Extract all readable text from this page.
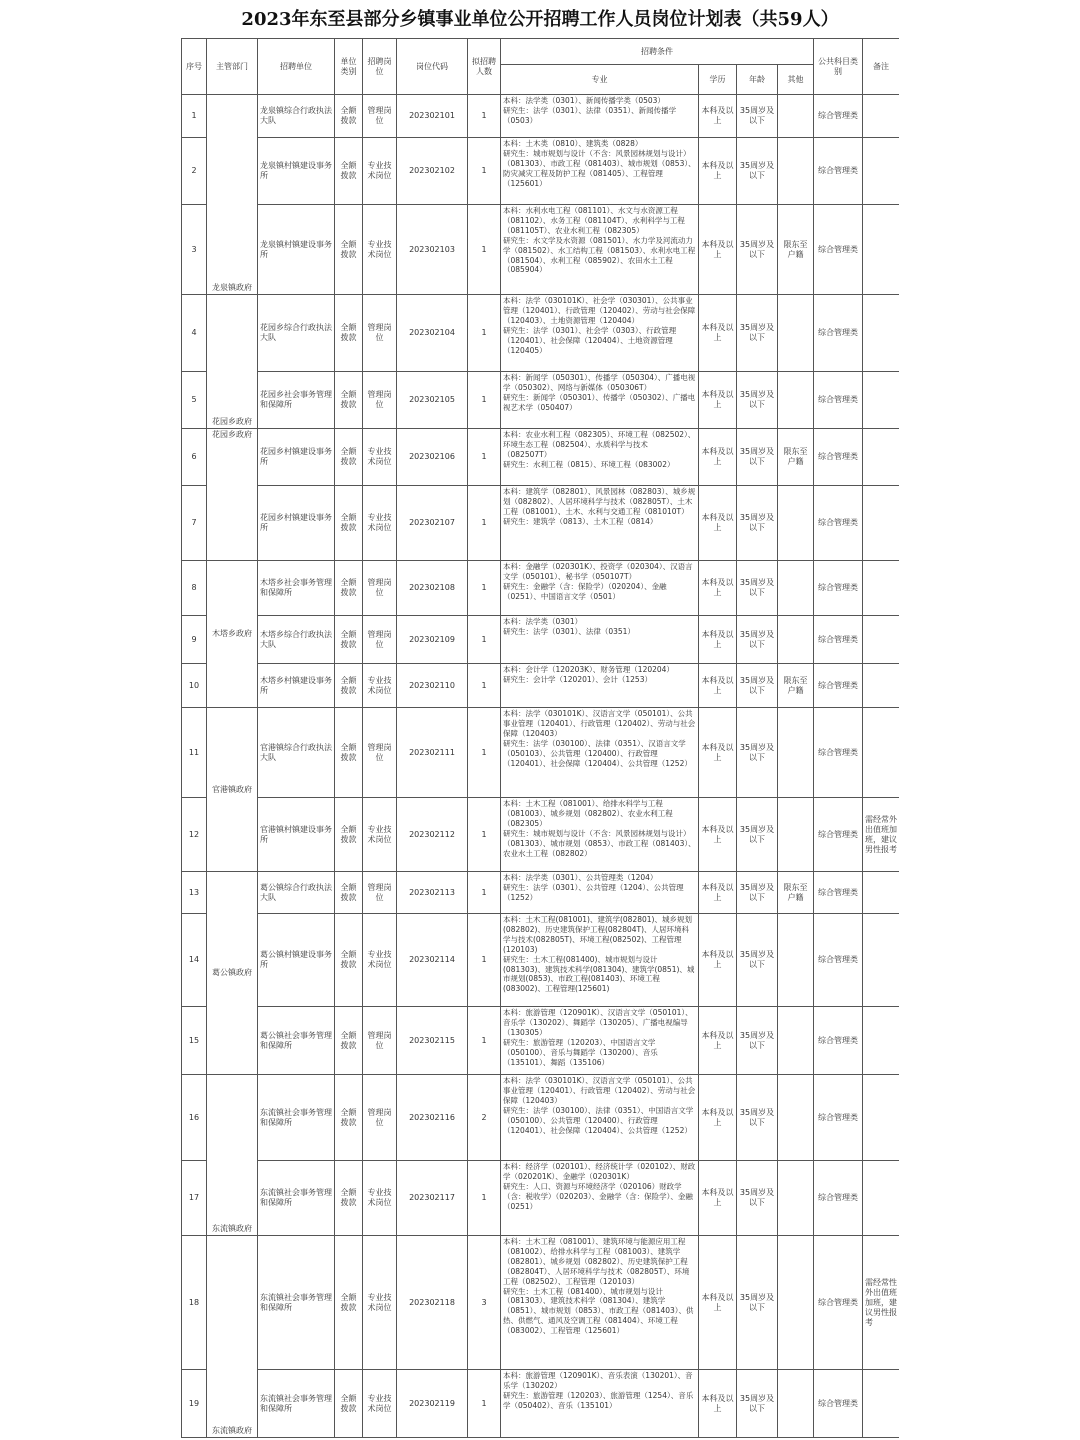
2023年东至县部分乡镇事业单位公开招聘工作人员岗位计划表（共59人）
序号	主管部门	招聘单位	单位类别	招聘岗位	岗位代码	拟招聘人数	招聘条件				公共科目类别	备注
							专业	学历	年龄	其他		
1	龙泉镇政府	龙泉镇综合行政执法大队	全额拨款	管理岗位	202302101	1	本科：法学类（0301）、新闻传播学类（0503）
研究生：法学（0301）、法律（0351）、新闻传播学（0503）	本科及以上	35周岁及以下		综合管理类	
2		龙泉镇村镇建设事务所	全额拨款	专业技术岗位	202302102	1	本科：土木类（0810）、建筑类（0828）
研究生：城市规划与设计（不含：风景园林规划与设计）（081303）、市政工程（081403）、城市规划（0853）、防灾减灾工程及防护工程（081405）、工程管理（125601）	本科及以上	35周岁及以下		综合管理类	
3		龙泉镇村镇建设事务所	全额拨款	专业技术岗位	202302103	1	本科：水利水电工程（081101）、水文与水资源工程（081102）、水务工程（081104T）、水利科学与工程（081105T）、农业水利工程（082305）
研究生：水文学及水资源（081501）、水力学及河流动力学（081502）、水工结构工程（081503）、水利水电工程（081504）、水利工程（085902）、农田水土工程（085904）	本科及以上	35周岁及以下	限东至户籍	综合管理类	
4	花园乡政府	花园乡综合行政执法大队	全额拨款	管理岗位	202302104	1	本科：法学（030101K）、社会学（030301）、公共事业管理（120401）、行政管理（120402）、劳动与社会保障（120403）、土地资源管理（120404）
研究生：法学（0301）、社会学（0303）、行政管理（120401）、社会保障（120404）、土地资源管理（120405）	本科及以上	35周岁及以下		综合管理类	
5		花园乡社会事务管理和保障所	全额拨款	管理岗位	202302105	1	本科：新闻学（050301）、传播学（050304）、广播电视学（050302）、网络与新媒体（050306T）
研究生：新闻学（050301）、传播学（050302）、广播电视艺术学（050407）	本科及以上	35周岁及以下		综合管理类	
6	花园乡政府	花园乡村镇建设事务所	全额拨款	专业技术岗位	202302106	1	本科：农业水利工程（082305）、环境工程（082502）、环境生态工程（082504）、水质科学与技术（082507T）
研究生：水利工程（0815）、环境工程（083002）	本科及以上	35周岁及以下	限东至户籍	综合管理类	
7		花园乡村镇建设事务所	全额拨款	专业技术岗位	202302107	1	本科：建筑学（082801）、风景园林（082803）、城乡规划（082802）、人居环境科学与技术（082805T）、土木工程（081001）、土木、水利与交通工程（081010T）
研究生：建筑学（0813）、土木工程（0814）	本科及以上	35周岁及以下		综合管理类	
8	木塔乡政府	木塔乡社会事务管理和保障所	全额拨款	管理岗位	202302108	1	本科：金融学（020301K）、投资学（020304）、汉语言文学（050101）、秘书学（050107T）
研究生：金融学（含：保险学）（020204）、金融（0251）、中国语言文学（0501）	本科及以上	35周岁及以下		综合管理类	
9		木塔乡综合行政执法大队	全额拨款	管理岗位	202302109	1	本科：法学类（0301）
研究生：法学（0301）、法律（0351）	本科及以上	35周岁及以下		综合管理类	
10		木塔乡村镇建设事务所	全额拨款	专业技术岗位	202302110	1	本科：会计学（120203K）、财务管理（120204）
研究生：会计学（120201）、会计（1253）	本科及以上	35周岁及以下	限东至户籍	综合管理类	
11	官港镇政府	官港镇综合行政执法大队	全额拨款	管理岗位	202302111	1	本科：法学（030101K）、汉语言文学（050101）、公共事业管理（120401）、行政管理（120402）、劳动与社会保障（120403）
研究生：法学（030100）、法律（0351）、汉语言文学（050103）、公共管理（120400）、行政管理（120401）、社会保障（120404）、公共管理（1252）	本科及以上	35周岁及以下		综合管理类	
12		官港镇村镇建设事务所	全额拨款	专业技术岗位	202302112	1	本科：土木工程（081001）、给排水科学与工程（081003）、城乡规划（082802）、农业水利工程（082305）
研究生：城市规划与设计（不含：风景园林规划与设计）（081303）、城市规划（0853）、市政工程（081403）、农业水土工程（082802）	本科及以上	35周岁及以下		综合管理类	需经常外出值班加班，建议男性报考
13	葛公镇政府	葛公镇综合行政执法大队	全额拨款	管理岗位	202302113	1	本科：法学类（0301）、公共管理类（1204）
研究生：法学（0301）、公共管理（1204）、公共管理（1252）	本科及以上	35周岁及以下	限东至户籍	综合管理类	
14		葛公镇村镇建设事务所	全额拨款	专业技术岗位	202302114	1	本科：土木工程(081001)、建筑学(082801)、城乡规划(082802)、历史建筑保护工程(082804T)、人居环境科学与技术(082805T)、环境工程(082502)、工程管理(120103)
研究生：土木工程(081400)、城市规划与设计(081303)、建筑技术科学(081304)、建筑学(0851)、城市规划(0853)、市政工程(081403)、环境工程(083002)、工程管理(125601)	本科及以上	35周岁及以下		综合管理类	
15		葛公镇社会事务管理和保障所	全额拨款	管理岗位	202302115	1	本科：旅游管理（120901K）、汉语言文学（050101）、音乐学（130202）、舞蹈学（130205）、广播电视编导（130305）
研究生：旅游管理（120203）、中国语言文学（050100）、音乐与舞蹈学（130200）、音乐（135101）、舞蹈（135106）	本科及以上	35周岁及以下		综合管理类	
16	东流镇政府	东流镇社会事务管理和保障所	全额拨款	管理岗位	202302116	2	本科：法学（030101K）、汉语言文学（050101）、公共事业管理（120401）、行政管理（120402）、劳动与社会保障（120403）
研究生：法学（030100）、法律（0351）、中国语言文学（050100）、公共管理（120400）、行政管理（120401）、社会保障（120404）、公共管理（1252）	本科及以上	35周岁及以下		综合管理类	
17		东流镇社会事务管理和保障所	全额拨款	专业技术岗位	202302117	1	本科：经济学（020101）、经济统计学（020102）、财政学（020201K）、金融学（020301K）
研究生：人口、资源与环境经济学（020106）财政学（含：税收学）（020203）、金融学（含：保险学）、金融（0251）	本科及以上	35周岁及以下		综合管理类	
18	东流镇政府	东流镇社会事务管理和保障所	全额拨款	专业技术岗位	202302118	3	本科：土木工程（081001）、建筑环境与能源应用工程（081002）、给排水科学与工程（081003）、建筑学（082801）、城乡规划（082802）、历史建筑保护工程（082804T）、人居环境科学与技术（082805T）、环境工程（082502）、工程管理（120103）
研究生：土木工程（081400）、城市规划与设计（081303）、建筑技术科学（081304）、建筑学（0851）、城市规划（0853）、市政工程（081403）、供热、供燃气、通风及空调工程（081404）、环境工程（083002）、工程管理（125601）	本科及以上	35周岁及以下		综合管理类	需经常性外出值班加班，建议男性报考
19		东流镇社会事务管理和保障所	全额拨款	专业技术岗位	202302119	1	本科：旅游管理（120901K）、音乐表演（130201）、音乐学（130202）
研究生：旅游管理（120203）、旅游管理（1254）、音乐学（050402）、音乐（135101）	本科及以上	35周岁及以下		综合管理类	
